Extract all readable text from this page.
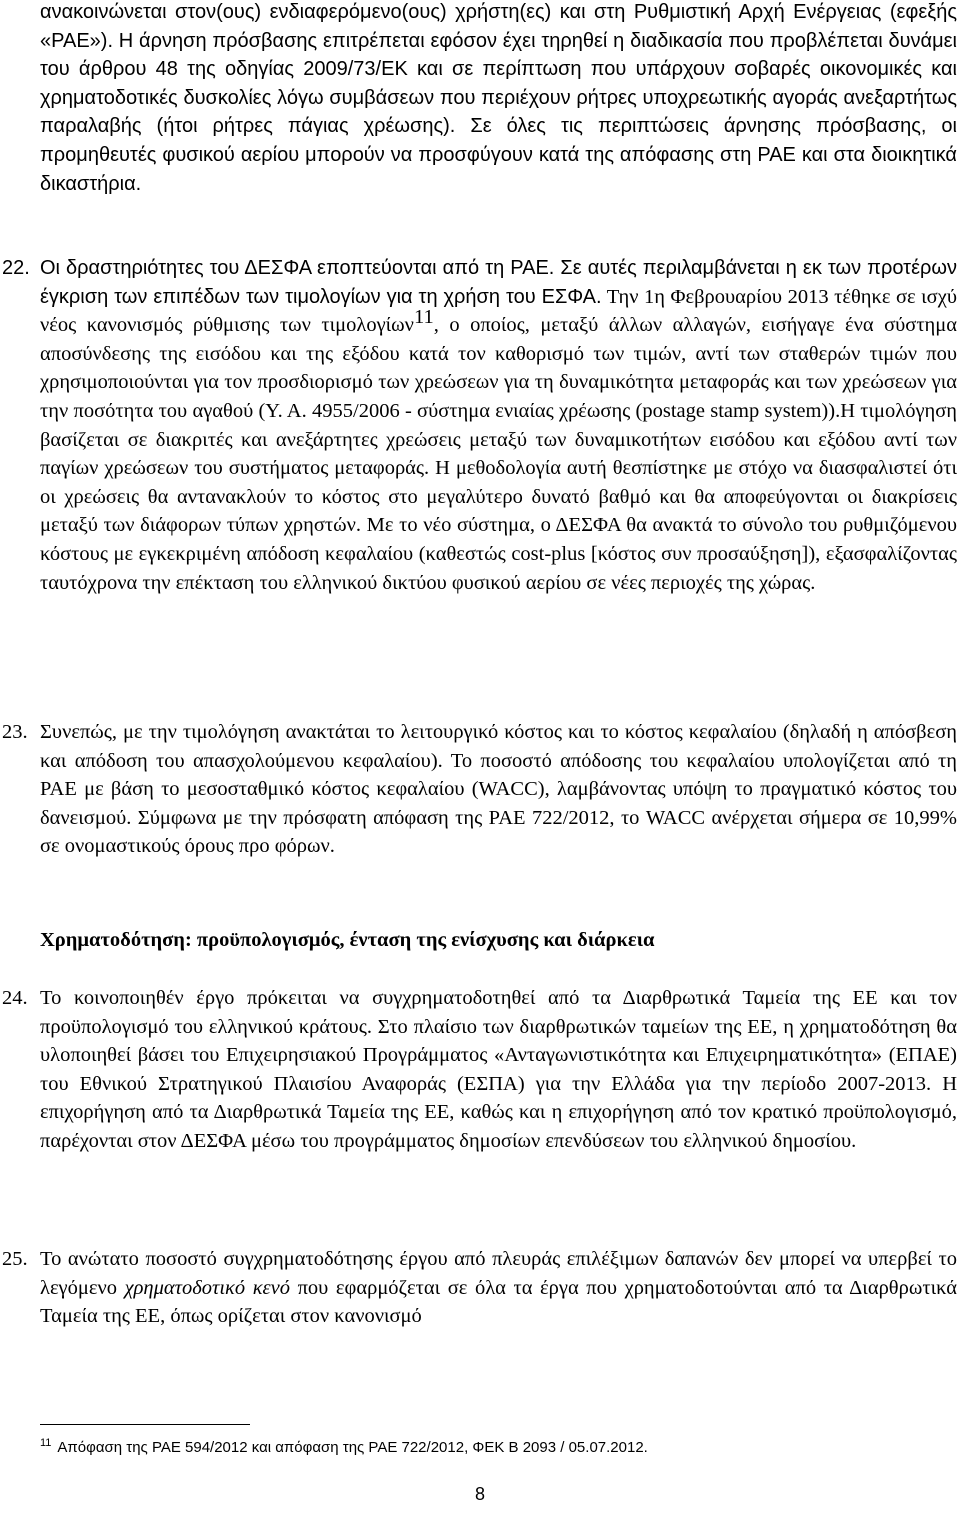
ανακοινώνεται στον(ους) ενδιαφερόμενο(ους) χρήστη(ες) και στη Ρυθμιστική Αρχή Ενέργειας (εφεξής «ΡΑΕ»). Η άρνηση πρόσβασης επιτρέπεται εφόσον έχει τηρηθεί η διαδικασία που προβλέπεται δυνάμει του άρθρου 48 της οδηγίας 2009/73/ΕΚ και σε περίπτωση που υπάρχουν σοβαρές οικονομικές και χρηματοδοτικές δυσκολίες λόγω συμβάσεων που περιέχουν ρήτρες υποχρεωτικής αγοράς ανεξαρτήτως παραλαβής (ήτοι ρήτρες πάγιας χρέωσης). Σε όλες τις περιπτώσεις άρνησης πρόσβασης, οι προμηθευτές φυσικού αερίου μπορούν να προσφύγουν κατά της απόφασης στη ΡΑΕ και στα διοικητικά δικαστήρια.

22. Οι δραστηριότητες του ΔΕΣΦΑ εποπτεύονται από τη ΡΑΕ. Σε αυτές περιλαμβάνεται η εκ των προτέρων έγκριση των επιπέδων των τιμολογίων για τη χρήση του ΕΣΦΑ. Την 1η Φεβρουαρίου 2013 τέθηκε σε ισχύ νέος κανονισμός ρύθμισης των τιμολογίων$^{11}$, ο οποίος, μεταξύ άλλων αλλαγών, εισήγαγε ένα σύστημα αποσύνδεσης της εισόδου και της εξόδου κατά τον καθορισμό των τιμών, αντί των σταθερών τιμών που χρησιμοποιούνται για τον προσδιορισμό των χρεώσεων για τη δυναμικότητα μεταφοράς και των χρεώσεων για την ποσότητα του αγαθού (Υ. Α. 4955/2006 - σύστημα ενιαίας χρέωσης (postage stamp system)).Η τιμολόγηση βασίζεται σε διακριτές και ανεξάρτητες χρεώσεις μεταξύ των δυναμικοτήτων εισόδου και εξόδου αντί των παγίων χρεώσεων του συστήματος μεταφοράς. Η μεθοδολογία αυτή θεσπίστηκε με στόχο να διασφαλιστεί ότι οι χρεώσεις θα αντανακλούν το κόστος στο μεγαλύτερο δυνατό βαθμό και θα αποφεύγονται οι διακρίσεις μεταξύ των διάφορων τύπων χρηστών. Με το νέο σύστημα, ο ΔΕΣΦΑ θα ανακτά το σύνολο του ρυθμιζόμενου κόστους με εγκεκριμένη απόδοση κεφαλαίου (καθεστώς cost-plus [κόστος συν προσαύξηση]), εξασφαλίζοντας ταυτόχρονα την επέκταση του ελληνικού δικτύου φυσικού αερίου σε νέες περιοχές της χώρας.

23. Συνεπώς, με την τιμολόγηση ανακτάται το λειτουργικό κόστος και το κόστος κεφαλαίου (δηλαδή η απόσβεση και απόδοση του απασχολούμενου κεφαλαίου). Το ποσοστό απόδοσης του κεφαλαίου υπολογίζεται από τη ΡΑΕ με βάση το μεσοσταθμικό κόστος κεφαλαίου (WACC), λαμβάνοντας υπόψη το πραγματικό κόστος του δανεισμού. Σύμφωνα με την πρόσφατη απόφαση της ΡΑΕ 722/2012, το WACC ανέρχεται σήμερα σε 10,99% σε ονομαστικούς όρους προ φόρων.

Χρηματοδότηση: προϋπολογισμός, ένταση της ενίσχυσης και διάρκεια

24. Το κοινοποιηθέν έργο πρόκειται να συγχρηματοδοτηθεί από τα Διαρθρωτικά Ταμεία της ΕΕ και τον προϋπολογισμό του ελληνικού κράτους. Στο πλαίσιο των διαρθρωτικών ταμείων της ΕΕ, η χρηματοδότηση θα υλοποιηθεί βάσει του Επιχειρησιακού Προγράμματος «Ανταγωνιστικότητα και Επιχειρηματικότητα» (ΕΠΑΕ) του Εθνικού Στρατηγικού Πλαισίου Αναφοράς (ΕΣΠΑ) για την Ελλάδα για την περίοδο 2007-2013. Η επιχορήγηση από τα Διαρθρωτικά Ταμεία της ΕΕ, καθώς και η επιχορήγηση από τον κρατικό προϋπολογισμό, παρέχονται στον ΔΕΣΦΑ μέσω του προγράμματος δημοσίων επενδύσεων του ελληνικού δημοσίου.

25. Το ανώτατο ποσοστό συγχρηματοδότησης έργου από πλευράς επιλέξιμων δαπανών δεν μπορεί να υπερβεί το λεγόμενο χρηματοδοτικό κενό που εφαρμόζεται σε όλα τα έργα που χρηματοδοτούνται από τα Διαρθρωτικά Ταμεία της ΕΕ, όπως ορίζεται στον κανονισμό

$^{11}$ Απόφαση της ΡΑΕ 594/2012 και απόφαση της ΡΑΕ 722/2012, ΦΕΚ Β 2093 / 05.07.2012.
8
